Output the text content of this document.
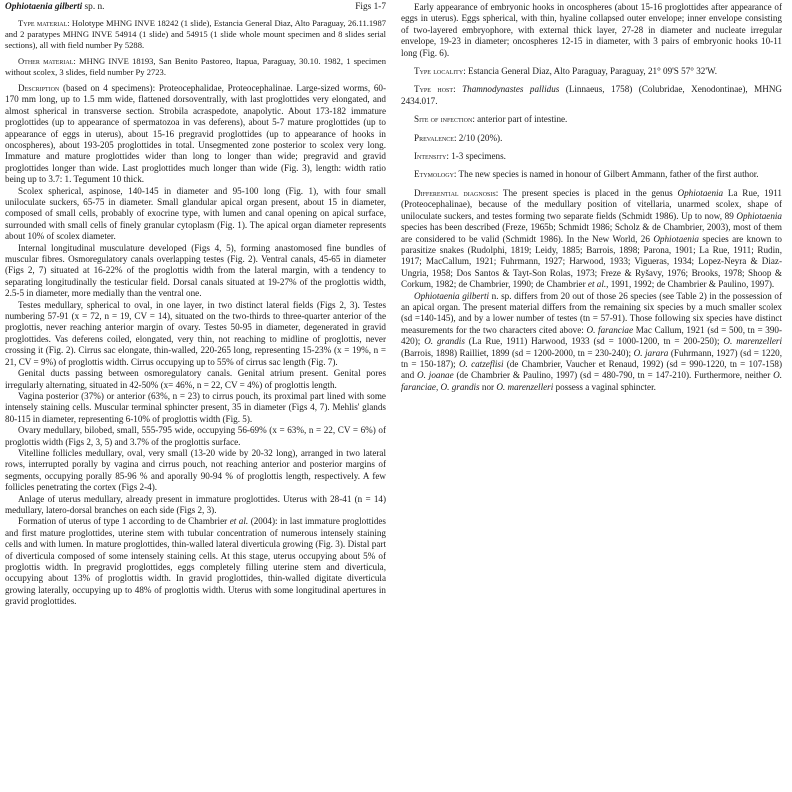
Ophiotaenia gilberti sp. n.	Figs 1-7

Type material: Holotype MHNG INVE 18242 (1 slide), Estancia General Diaz, Alto Paraguay, 26.11.1987 and 2 paratypes MHNG INVE 54914 (1 slide) and 54915 (1 slide whole mount specimen and 8 slides serial sections), all with field number Py 5288.

Other material: MHNG INVE 18193, San Benito Pastoreo, Itapua, Paraguay, 30.10. 1982, 1 specimen without scolex, 3 slides, field number Py 2723.

Description (based on 4 specimens): Proteocephalidae, Proteocephalinae. Large-sized worms, 60-170 mm long, up to 1.5 mm wide, flattened dorsoventrally, with last proglottides very elongated, and almost spherical in transverse section. Strobila acraspedote, anapolytic. About 173-182 immature proglottides (up to appearance of spermatozoa in vas deferens), about 5-7 mature proglottides (up to appearance of eggs in uterus), about 15-16 pregravid proglottides (up to appearance of hooks in oncospheres), about 193-205 proglottides in total. Unsegmented zone posterior to scolex very long. Immature and mature proglottides wider than long to longer than wide; pregravid and gravid proglottides longer than wide. Last proglottides much longer than wide (Fig. 3), length: width ratio being up to 3.7: 1. Tegument 10 thick.

Scolex spherical, aspinose, 140-145 in diameter and 95-100 long (Fig. 1), with four small uniloculate suckers, 65-75 in diameter. Small glandular apical organ present, about 15 in diameter, composed of small cells, probably of exocrine type, with lumen and canal opening on apical surface, surrounded with small cells of finely granular cytoplasm (Fig. 1). The apical organ diameter represents about 10% of scolex diameter.

Internal longitudinal musculature developed (Figs 4, 5), forming anastomosed fine bundles of muscular fibres. Osmoregulatory canals overlapping testes (Fig. 2). Ventral canals, 45-65 in diameter (Figs 2, 7) situated at 16-22% of the proglottis width from the lateral margin, with a tendency to separating longitudinally the testicular field. Dorsal canals situated at 19-27% of the proglottis width, 2.5-5 in diameter, more medially than the ventral one.

Testes medullary, spherical to oval, in one layer, in two distinct lateral fields (Figs 2, 3). Testes numbering 57-91 (x = 72, n = 19, CV = 14), situated on the two-thirds to three-quarter anterior of the proglottis, never reaching anterior margin of ovary. Testes 50-95 in diameter, degenerated in gravid proglottides. Vas deferens coiled, elongated, very thin, not reaching to midline of proglottis, never crossing it (Fig. 2). Cirrus sac elongate, thin-walled, 220-265 long, representing 15-23% (x = 19%, n = 21, CV = 9%) of proglottis width. Cirrus occupying up to 55% of cirrus sac length (Fig. 7).

Genital ducts passing between osmoregulatory canals. Genital atrium present. Genital pores irregularly alternating, situated in 42-50% (x= 46%, n = 22, CV = 4%) of proglottis length.

Vagina posterior (37%) or anterior (63%, n = 23) to cirrus pouch, its proximal part lined with some intensely staining cells. Muscular terminal sphincter present, 35 in diameter (Figs 4, 7). Mehlis' glands 80-115 in diameter, representing 6-10% of proglottis width (Fig. 5).

Ovary medullary, bilobed, small, 555-795 wide, occupying 56-69% (x = 63%, n = 22, CV = 6%) of proglottis width (Figs 2, 3, 5) and 3.7% of the proglottis surface.

Vitelline follicles medullary, oval, very small (13-20 wide by 20-32 long), arranged in two lateral rows, interrupted porally by vagina and cirrus pouch, not reaching anterior and posterior margins of segments, occupying porally 85-96 % and aporally 90-94 % of proglottis length, respectively. A few follicles penetrating the cortex (Figs 2-4).

Anlage of uterus medullary, already present in immature proglottides. Uterus with 28-41 (n = 14) medullary, latero-dorsal branches on each side (Figs 2, 3).

Formation of uterus of type 1 according to de Chambrier et al. (2004): in last immature proglottides and first mature proglottides, uterine stem with tubular concentration of numerous intensely staining cells and with lumen. In mature proglottides, thin-walled lateral diverticula growing (Fig. 3). Distal part of diverticula composed of some intensely staining cells. At this stage, uterus occupying about 5% of proglottis width. In pregravid proglottides, eggs completely filling uterine stem and diverticula, occupying about 13% of proglottis width. In gravid proglottides, thin-walled digitate diverticula growing laterally, occupying up to 48% of proglottis width. Uterus with some longitudinal apertures in gravid proglottides.

Early appearance of embryonic hooks in oncospheres (about 15-16 proglottides after appearance of eggs in uterus). Eggs spherical, with thin, hyaline collapsed outer envelope; inner envelope consisting of two-layered embryophore, with external thick layer, 27-28 in diameter and nucleate irregular envelope, 19-23 in diameter; oncospheres 12-15 in diameter, with 3 pairs of embryonic hooks 10-11 long (Fig. 6).

Type locality: Estancia General Diaz, Alto Paraguay, Paraguay, 21° 09'S 57° 32'W.

Type host: Thamnodynastes pallidus (Linnaeus, 1758) (Colubridae, Xenodontinae), MHNG 2434.017.

Site of infection: anterior part of intestine.

Prevalence: 2/10 (20%).

Intensity: 1-3 specimens.

Etymology: The new species is named in honour of Gilbert Ammann, father of the first author.

Differential diagnosis: The present species is placed in the genus Ophiotaenia La Rue, 1911 (Proteocephalinae), because of the medullary position of vitellaria, unarmed scolex, shape of uniloculate suckers, and testes forming two separate fields (Schmidt 1986). Up to now, 89 Ophiotaenia species has been described (Freze, 1965b; Schmidt 1986; Scholz & de Chambrier, 2003), most of them are considered to be valid (Schmidt 1986). In the New World, 26 Ophiotaenia species are known to parasitize snakes (Rudolphi, 1819; Leidy, 1885; Barrois, 1898; Parona, 1901; La Rue, 1911; Rudin, 1917; MacCallum, 1921; Fuhrmann, 1927; Harwood, 1933; Vigueras, 1934; Lopez-Neyra & Diaz-Ungria, 1958; Dos Santos & Tayt-Son Rolas, 1973; Freze & Ryšavy, 1976; Brooks, 1978; Shoop & Corkum, 1982; de Chambrier, 1990; de Chambrier et al., 1991, 1992; de Chambrier & Paulino, 1997).

Ophiotaenia gilberti n. sp. differs from 20 out of those 26 species (see Table 2) in the possession of an apical organ. The present material differs from the remaining six species by a much smaller scolex (sd =140-145), and by a lower number of testes (tn = 57-91). Those following six species have distinct measurements for the two characters cited above: O. faranciae Mac Callum, 1921 (sd = 500, tn = 390-420); O. grandis (La Rue, 1911) Harwood, 1933 (sd = 1000-1200, tn = 200-250); O. marenzelleri (Barrois, 1898) Railliet, 1899 (sd = 1200-2000, tn = 230-240); O. jarara (Fuhrmann, 1927) (sd = 1220, tn = 150-187); O. catzeflisi (de Chambrier, Vaucher et Renaud, 1992) (sd = 990-1220, tn = 107-158) and O. joanae (de Chambrier & Paulino, 1997) (sd = 480-790, tn = 147-210). Furthermore, neither O. faranciae, O. grandis nor O. marenzelleri possess a vaginal sphincter.
